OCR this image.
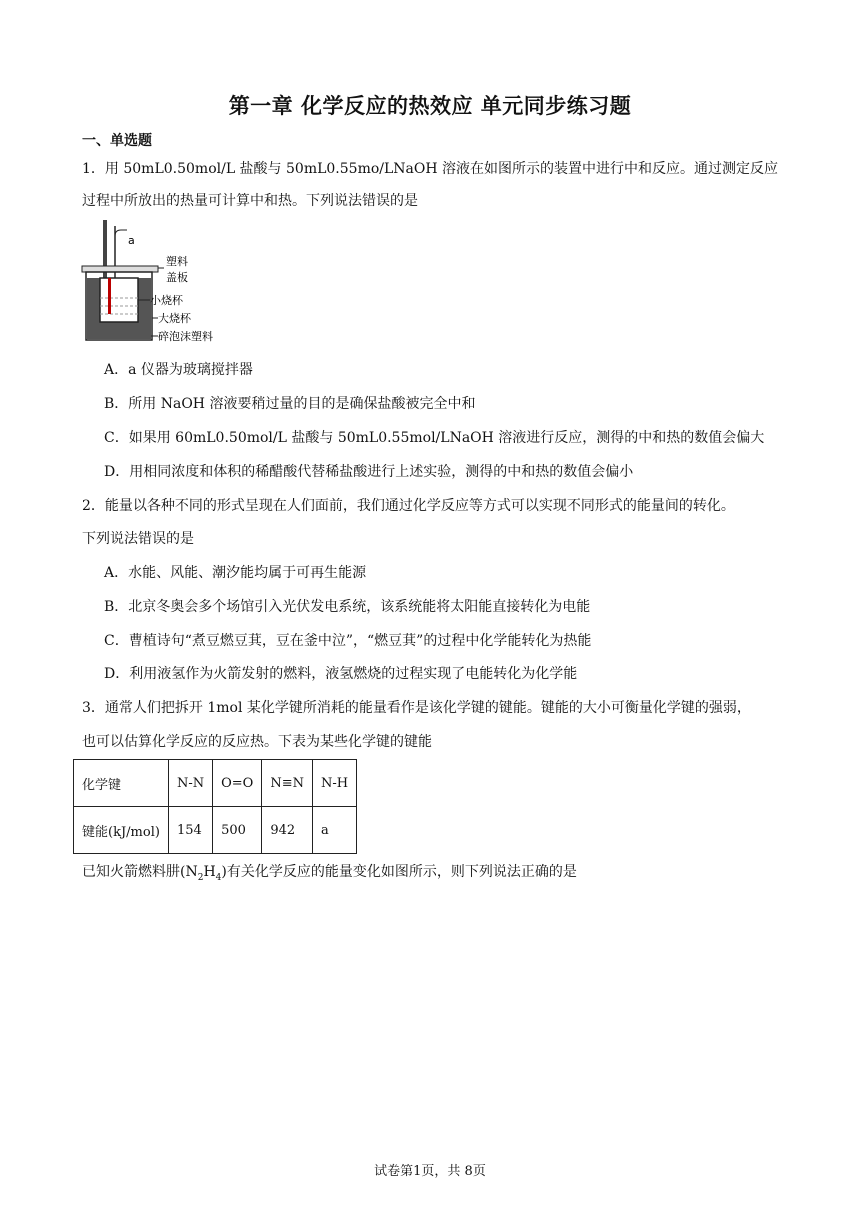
第一章 化学反应的热效应 单元同步练习题
一、单选题
1．用 50mL0.50mol/L 盐酸与 50mL0.55mo/LNaOH 溶液在如图所示的装置中进行中和反应。通过测定反应
过程中所放出的热量可计算中和热。下列说法错误的是
a
塑料
盖板
小烧杯
大烧杯
碎泡沫塑料
A．a 仪器为玻璃搅拌器
B．所用 NaOH 溶液要稍过量的目的是确保盐酸被完全中和
C．如果用 60mL0.50mol/L 盐酸与 50mL0.55mol/LNaOH 溶液进行反应，测得的中和热的数值会偏大
D．用相同浓度和体积的稀醋酸代替稀盐酸进行上述实验，测得的中和热的数值会偏小
2．能量以各种不同的形式呈现在人们面前，我们通过化学反应等方式可以实现不同形式的能量间的转化。
下列说法错误的是
A．水能、风能、潮汐能均属于可再生能源
B．北京冬奥会多个场馆引入光伏发电系统，该系统能将太阳能直接转化为电能
C．曹植诗句“煮豆燃豆萁，豆在釜中泣”，“燃豆萁”的过程中化学能转化为热能
D．利用液氢作为火箭发射的燃料，液氢燃烧的过程实现了电能转化为化学能
3．通常人们把拆开 1mol 某化学键所消耗的能量看作是该化学键的键能。键能的大小可衡量化学键的强弱，
也可以估算化学反应的反应热。下表为某些化学键的键能
化学键	N-N	O=O	N≡N	N-H
键能(kJ/mol)	154	500	942	a
已知火箭燃料肼$(N_2H_4)$有关化学反应的能量变化如图所示，则下列说法正确的是
试卷第1页，共 8页
